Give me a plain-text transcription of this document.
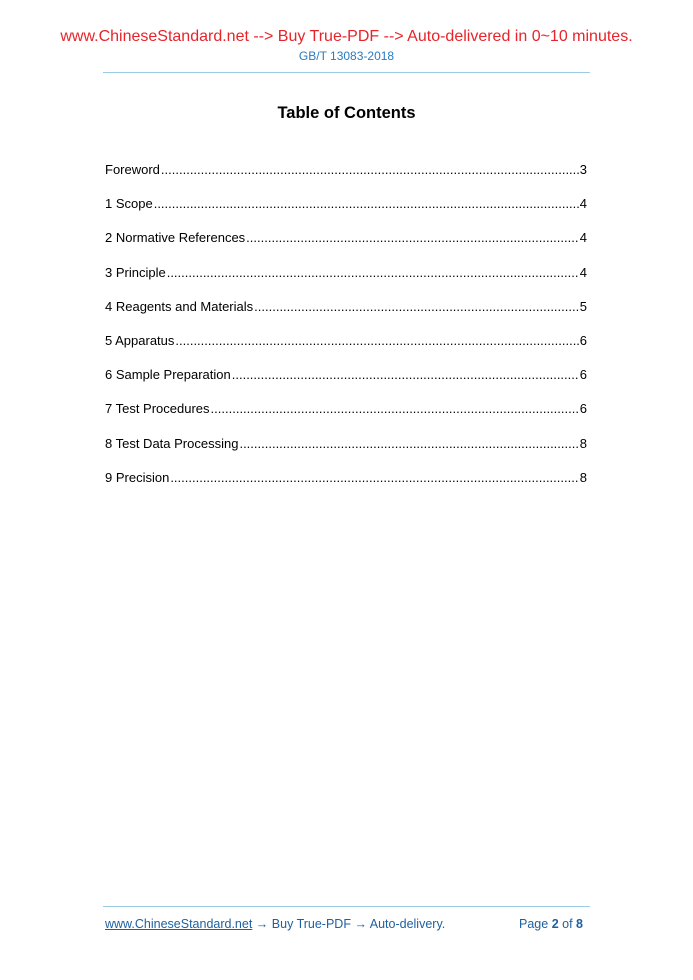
www.ChineseStandard.net --> Buy True-PDF --> Auto-delivered in 0~10 minutes.
GB/T 13083-2018
Table of Contents
Foreword .....	3
1 Scope .....	4
2 Normative References .....	4
3 Principle .....	4
4 Reagents and Materials .....	5
5 Apparatus .....	6
6 Sample Preparation .....	6
7 Test Procedures .....	6
8 Test Data Processing .....	8
9 Precision .....	8
www.ChineseStandard.net → Buy True-PDF → Auto-delivery.	Page 2 of 8
